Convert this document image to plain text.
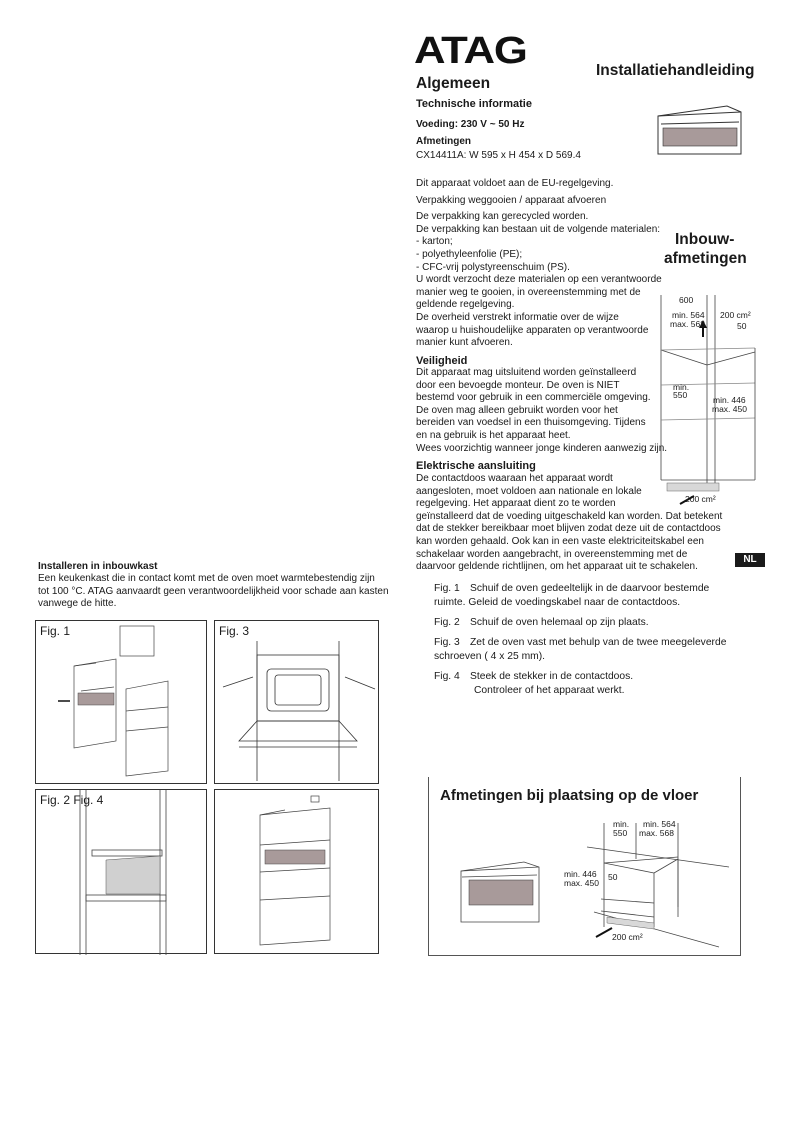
ATAG	Installatiehandleiding
Algemeen
Technische informatie
Voeding: 230 V ~ 50 Hz
Afmetingen
CX14411A: W 595 x H 454 x D 569.4
Dit apparaat voldoet aan de EU-regelgeving.
Verpakking weggooien / apparaat afvoeren
De verpakking kan gerecycled worden.
De verpakking kan bestaan uit de volgende materialen:
- karton;
- polyethyleenfolie (PE);
- CFC-vrij polystyreenschuim (PS).
U wordt verzocht deze materialen op een verantwoorde
manier weg te gooien, in overeenstemming met de
geldende regelgeving.
De overheid verstrekt informatie over de wijze
waarop u huishoudelijke apparaten op verantwoorde
manier kunt afvoeren.
Veiligheid
Dit apparaat mag uitsluitend worden geïnstalleerd
door een bevoegde monteur. De oven is NIET
bestemd voor gebruik in een commerciële omgeving.
De oven mag alleen gebruikt worden voor het
bereiden van voedsel in een thuisomgeving. Tijdens
en na gebruik is het apparaat heet.
Wees voorzichtig wanneer jonge kinderen aanwezig zijn.
Elektrische aansluiting
De contactdoos waaraan het apparaat wordt
aangesloten, moet voldoen aan nationale en lokale
regelgeving. Het apparaat dient zo te worden
geïnstalleerd dat de voeding uitgeschakeld kan worden. Dat betekent
dat de stekker bereikbaar moet blijven zodat deze uit de contactdoos
kan worden gehaald. Ook kan in een vaste elektriciteitskabel een
schakelaar worden aangebracht, in overeenstemming met de
daarvoor geldende richtlijnen, om het apparaat uit te schakelen.
Inbouw-
afmetingen
600
min. 564
max. 568
200 cm²
50
min.
550	min. 446
max. 450
200 cm²
NL
Fig. 1 Schuif de oven gedeeltelijk in de daarvoor bestemde
ruimte. Geleid de voedingskabel naar de contactdoos.
Fig. 2 Schuif de oven helemaal op zijn plaats.
Fig. 3 Zet de oven vast met behulp van de twee meegeleverde
schroeven ( 4 x 25 mm).
Fig. 4 Steek de stekker in de contactdoos.
Controleer of het apparaat werkt.
Afmetingen bij plaatsing op de vloer
min.
550
min. 564
max. 568
min. 446
max. 450
50
200 cm²
Installeren in inbouwkast
Een keukenkast die in contact komt met de oven moet warmtebestendig zijn
tot 100 °C. ATAG aanvaardt geen verantwoordelijkheid voor schade aan kasten
vanwege de hitte.
Fig. 1	Fig. 3
Fig. 2 Fig. 4
